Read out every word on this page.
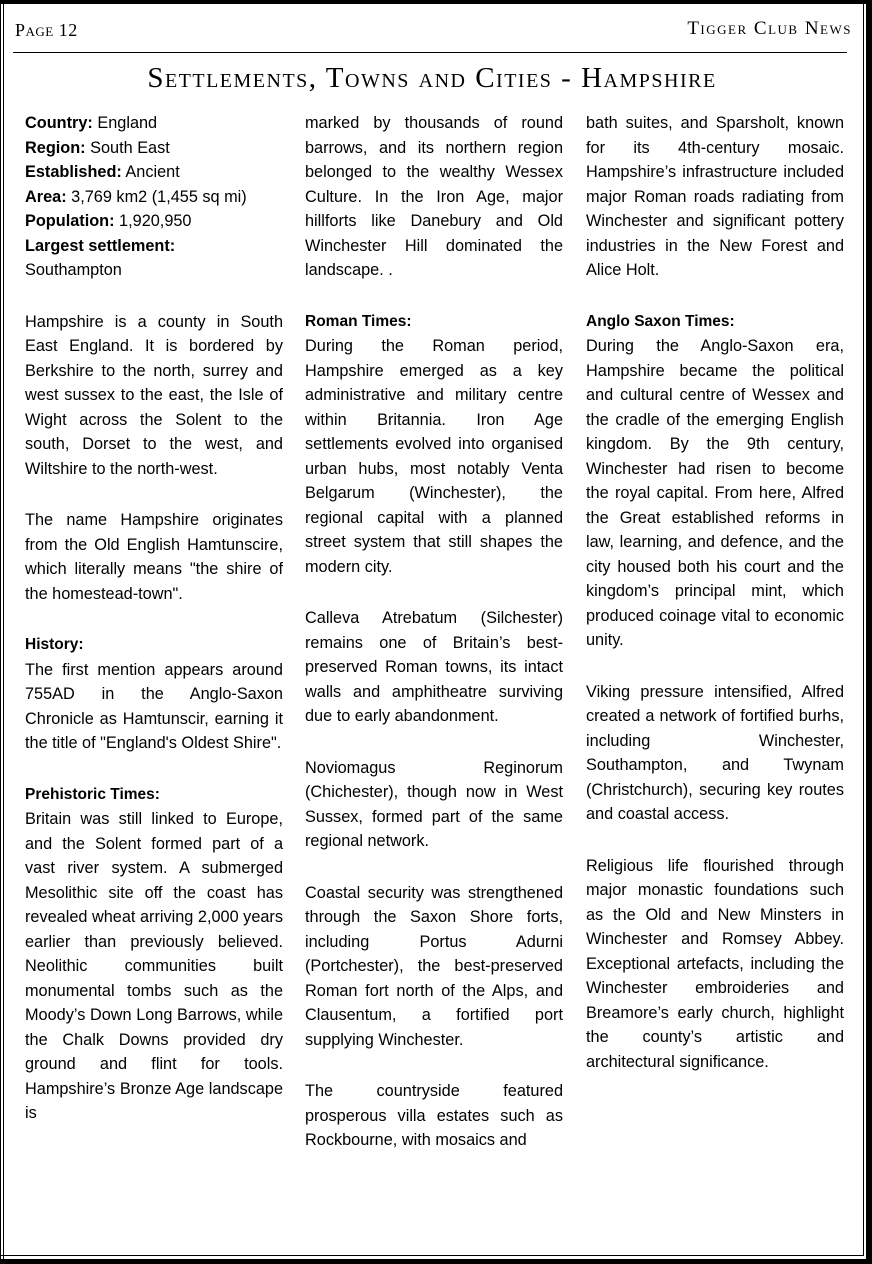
Page 12	Tigger Club News
Settlements, Towns and Cities - Hampshire
Country: England
Region: South East
Established: Ancient
Area: 3,769 km2 (1,455 sq mi)
Population: 1,920,950
Largest settlement:
Southampton

Hampshire is a county in South East England. It is bordered by Berkshire to the north, surrey and west sussex to the east, the Isle of Wight across the Solent to the south, Dorset to the west, and Wiltshire to the north-west.

The name Hampshire originates from the Old English Hamtunscire, which literally means "the shire of the homestead-town".

History:

The first mention appears around 755AD in the Anglo-Saxon Chronicle as Hamtunscir, earning it the title of "England's Oldest Shire".

Prehistoric Times:

Britain was still linked to Europe, and the Solent formed part of a vast river system. A submerged Mesolithic site off the coast has revealed wheat arriving 2,000 years earlier than previously believed. Neolithic communities built monumental tombs such as the Moody’s Down Long Barrows, while the Chalk Downs provided dry ground and flint for tools. Hampshire’s Bronze Age landscape is

marked by thousands of round barrows, and its northern region belonged to the wealthy Wessex Culture. In the Iron Age, major hillforts like Danebury and Old Winchester Hill dominated the landscape. .

Roman Times:

During the Roman period, Hampshire emerged as a key administrative and military centre within Britannia. Iron Age settlements evolved into organised urban hubs, most notably Venta Belgarum (Winchester), the regional capital with a planned street system that still shapes the modern city.

Calleva Atrebatum (Silchester) remains one of Britain’s best-preserved Roman towns, its intact walls and amphitheatre surviving due to early abandonment.

Noviomagus Reginorum (Chichester), though now in West Sussex, formed part of the same regional network.

Coastal security was strengthened through the Saxon Shore forts, including Portus Adurni (Portchester), the best-preserved Roman fort north of the Alps, and Clausentum, a fortified port supplying Winchester.

The countryside featured prosperous villa estates such as Rockbourne, with mosaics and

bath suites, and Sparsholt, known for its 4th-century mosaic. Hampshire’s infrastructure included major Roman roads radiating from Winchester and significant pottery industries in the New Forest and Alice Holt.

Anglo Saxon Times:

During the Anglo-Saxon era, Hampshire became the political and cultural centre of Wessex and the cradle of the emerging English kingdom. By the 9th century, Winchester had risen to become the royal capital. From here, Alfred the Great established reforms in law, learning, and defence, and the city housed both his court and the kingdom’s principal mint, which produced coinage vital to economic unity.

Viking pressure intensified, Alfred created a network of fortified burhs, including Winchester, Southampton, and Twynam (Christchurch), securing key routes and coastal access.

Religious life flourished through major monastic foundations such as the Old and New Minsters in Winchester and Romsey Abbey. Exceptional artefacts, including the Winchester embroideries and Breamore’s early church, highlight the county’s artistic and architectural significance.
